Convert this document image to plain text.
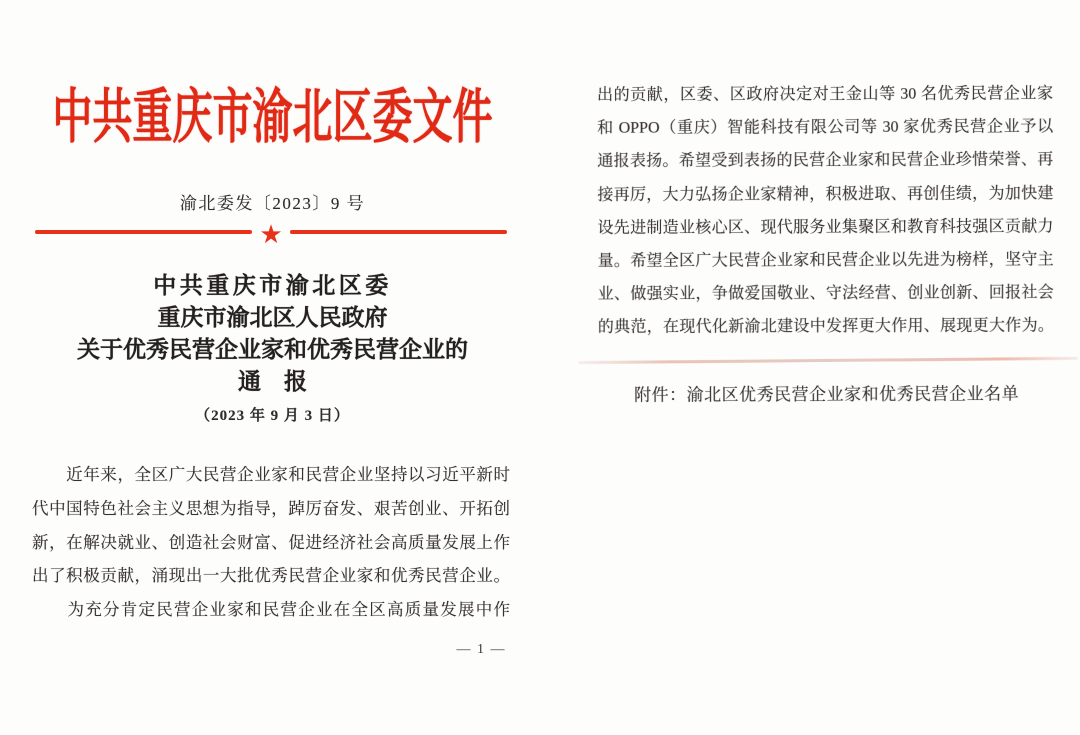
中共重庆市渝北区委文件
渝北委发〔2023〕9 号
★
中共重庆市渝北区委
重庆市渝北区人民政府
关于优秀民营企业家和优秀民营企业的
通　报
（2023 年 9 月 3 日）
　　近年来，全区广大民营企业家和民营企业坚持以习近平新时
代中国特色社会主义思想为指导，踔厉奋发、艰苦创业、开拓创
新，在解决就业、创造社会财富、促进经济社会高质量发展上作
出了积极贡献，涌现出一大批优秀民营企业家和优秀民营企业。
　　为充分肯定民营企业家和民营企业在全区高质量发展中作
— 1 —
出的贡献，区委、区政府决定对王金山等 30 名优秀民营企业家
和 OPPO（重庆）智能科技有限公司等 30 家优秀民营企业予以
通报表扬。希望受到表扬的民营企业家和民营企业珍惜荣誉、再
接再厉，大力弘扬企业家精神，积极进取、再创佳绩，为加快建
设先进制造业核心区、现代服务业集聚区和教育科技强区贡献力
量。希望全区广大民营企业家和民营企业以先进为榜样，坚守主
业、做强实业，争做爱国敬业、守法经营、创业创新、回报社会
的典范，在现代化新渝北建设中发挥更大作用、展现更大作为。
附件：渝北区优秀民营企业家和优秀民营企业名单
